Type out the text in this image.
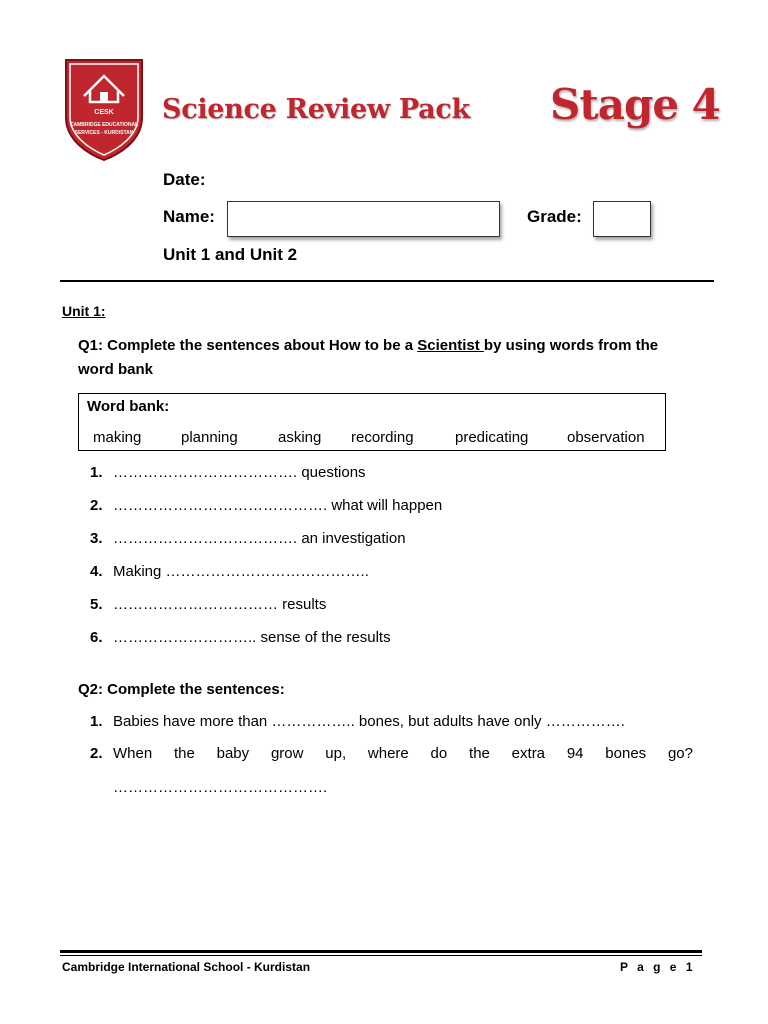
CESK
CAMBRIDGE EDUCATIONAL
SERVICES - KURDISTAN
Science Review Pack Stage 4
Date:
Name:	Grade:
Unit 1 and Unit 2
Unit 1:
Q1: Complete the sentences about How to be a Scientist by using words from the word bank
Word bank:
making	planning	asking recording	predicating	observation
1. ………………………………. questions
2. ……………………………………. what will happen
3. ………………………………. an investigation
4. Making …………………………………..
5. …………………………… results
6. ……………………….. sense of the results
Q2: Complete the sentences:
1. Babies have more than …………….. bones, but adults have only …………….
2. When the baby grow up, where do the extra 94 bones go?
…………………………………….
Cambridge International School - Kurdistan	P a g e 1
